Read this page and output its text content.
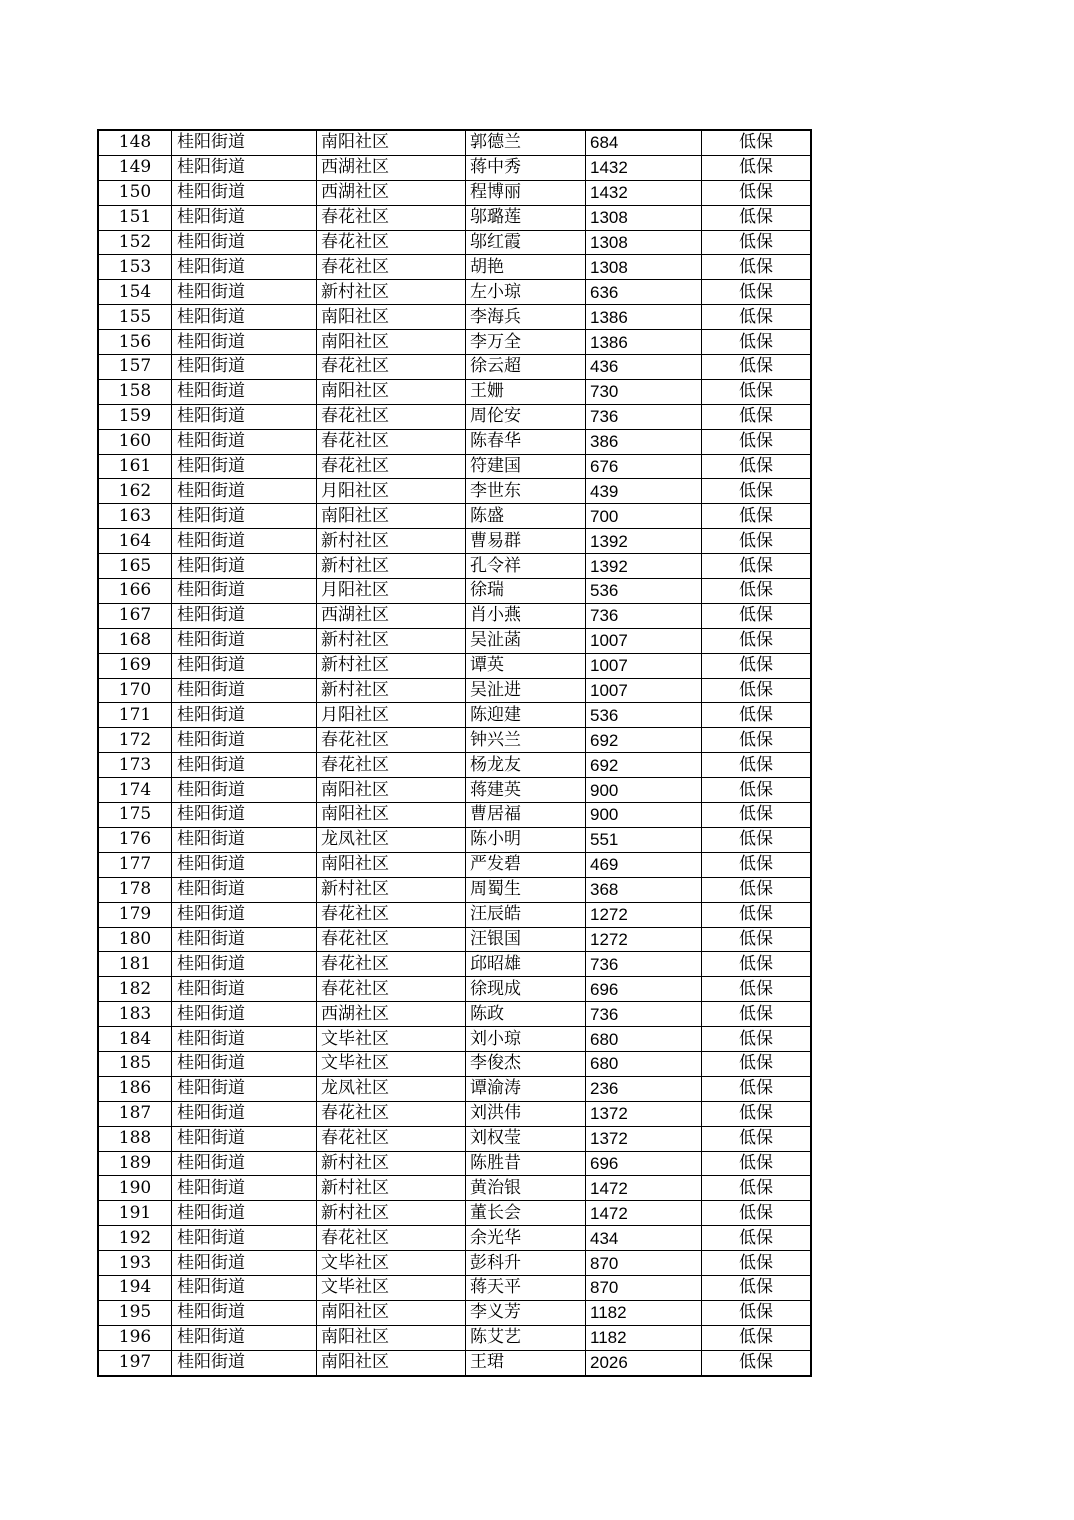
148	桂阳街道	南阳社区	郭德兰	684	低保
149	桂阳街道	西湖社区	蒋中秀	1432	低保
150	桂阳街道	西湖社区	程博丽	1432	低保
151	桂阳街道	春花社区	邬璐莲	1308	低保
152	桂阳街道	春花社区	邬红霞	1308	低保
153	桂阳街道	春花社区	胡艳	1308	低保
154	桂阳街道	新村社区	左小琼	636	低保
155	桂阳街道	南阳社区	李海兵	1386	低保
156	桂阳街道	南阳社区	李万全	1386	低保
157	桂阳街道	春花社区	徐云超	436	低保
158	桂阳街道	南阳社区	王姗	730	低保
159	桂阳街道	春花社区	周伦安	736	低保
160	桂阳街道	春花社区	陈春华	386	低保
161	桂阳街道	春花社区	符建国	676	低保
162	桂阳街道	月阳社区	李世东	439	低保
163	桂阳街道	南阳社区	陈盛	700	低保
164	桂阳街道	新村社区	曹易群	1392	低保
165	桂阳街道	新村社区	孔令祥	1392	低保
166	桂阳街道	月阳社区	徐瑞	536	低保
167	桂阳街道	西湖社区	肖小燕	736	低保
168	桂阳街道	新村社区	吴沚菡	1007	低保
169	桂阳街道	新村社区	谭英	1007	低保
170	桂阳街道	新村社区	吴沚进	1007	低保
171	桂阳街道	月阳社区	陈迎建	536	低保
172	桂阳街道	春花社区	钟兴兰	692	低保
173	桂阳街道	春花社区	杨龙友	692	低保
174	桂阳街道	南阳社区	蒋建英	900	低保
175	桂阳街道	南阳社区	曹居福	900	低保
176	桂阳街道	龙凤社区	陈小明	551	低保
177	桂阳街道	南阳社区	严发碧	469	低保
178	桂阳街道	新村社区	周蜀生	368	低保
179	桂阳街道	春花社区	汪辰皓	1272	低保
180	桂阳街道	春花社区	汪银国	1272	低保
181	桂阳街道	春花社区	邱昭雄	736	低保
182	桂阳街道	春花社区	徐现成	696	低保
183	桂阳街道	西湖社区	陈政	736	低保
184	桂阳街道	文毕社区	刘小琼	680	低保
185	桂阳街道	文毕社区	李俊杰	680	低保
186	桂阳街道	龙凤社区	谭渝涛	236	低保
187	桂阳街道	春花社区	刘洪伟	1372	低保
188	桂阳街道	春花社区	刘权莹	1372	低保
189	桂阳街道	新村社区	陈胜昔	696	低保
190	桂阳街道	新村社区	黄治银	1472	低保
191	桂阳街道	新村社区	董长会	1472	低保
192	桂阳街道	春花社区	余光华	434	低保
193	桂阳街道	文毕社区	彭科升	870	低保
194	桂阳街道	文毕社区	蒋天平	870	低保
195	桂阳街道	南阳社区	李义芳	1182	低保
196	桂阳街道	南阳社区	陈艾艺	1182	低保
197	桂阳街道	南阳社区	王珺	2026	低保
